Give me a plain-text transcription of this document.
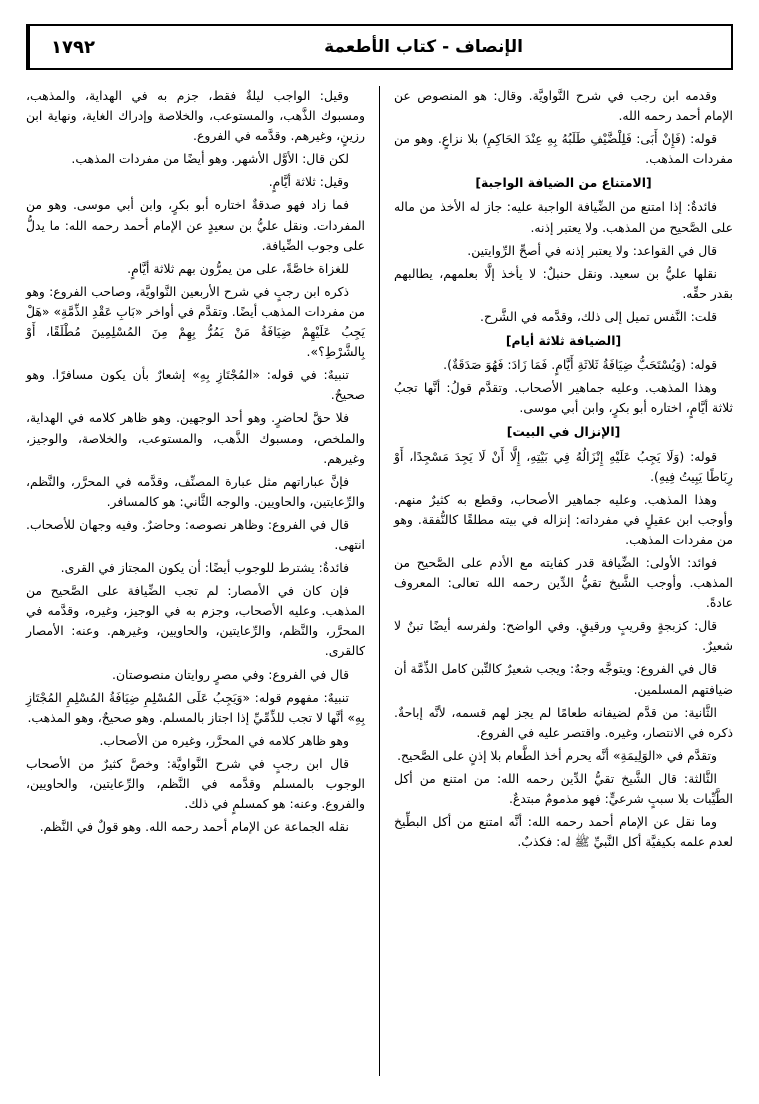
الإنصاف - كتاب الأطعمة
١٧٩٢

وقدمه ابن رجب في شرح النَّواويَّة. وقال: هو المنصوص عن الإمام أحمد رحمه الله.

قوله: (فَإِنْ أَبَى: فَلِلْضَّيْفِ طَلَبُهُ بِهِ عِنْدَ الحَاكِمِ) بلا نزاعٍ. وهو من مفردات المذهب.

[الامتناع من الضيافة الواجبة]

فائدةٌ: إذا امتنع من الضِّيافة الواجبة عليه: جاز له الأخذ من ماله على الصَّحيح من المذهب. ولا يعتبر إذنه.

قال في القواعد: ولا يعتبر إذنه في أصحِّ الرِّوايتين.

نقلها عليُّ بن سعيد. ونقل حنبلٌ: لا يأخذ إلَّا بعلمهم، يطالبهم بقدر حقِّه.

قلت: النَّفس تميل إلى ذلك، وقدَّمه في الشَّرح.

[الضيافة ثلاثة أيام]

قوله: (وَيُسْتَحَبُّ ضِيَافَةُ ثَلاثَةِ أَيَّامٍ. فَمَا زَادَ: فَهُوَ صَدَقَةٌ).

وهذا المذهب. وعليه جماهير الأصحاب. وتقدَّم قولُ: أنَّها تجبُ ثلاثة أيَّامٍ، اختاره أبو بكرٍ، وابن أبي موسى.

[الإنزال في البيت]

قوله: (وَلَا يَجِبُ عَلَيْهِ إِنْزَالُهُ فِي بَيْتِهِ، إِلَّا أَنْ لَا يَجِدَ مَسْجِدًا، أَوْ رِبَاطًا يَبِيتُ فِيهِ).

وهذا المذهب. وعليه جماهير الأصحاب، وقطع به كثيرٌ منهم. وأوجب ابن عقيلٍ في مفرداته: إنزاله في بيته مطلقًا كالنُّفقة. وهو من مفردات المذهب.

فوائد: الأولى: الضِّيافة قدر كفايته مع الأدم على الصَّحيح من المذهب. وأوجب الشَّيخ تقيُّ الدِّين رحمه الله تعالى: المعروف عادةً.

قال: كزبجةٍ وقريبٍ ورقيقٍ. وفي الواضح: ولفرسه أيضًا تبنٌ لا شعيرٌ.

قال في الفروع: ويتوجَّه وجهٌ: ويجب شعيرٌ كالتِّبن كامل الذِّمَّة أن ضيافتهم المسلمين.

الثَّانية: من قدَّم لضيفانه طعامًا لم يجز لهم قسمه، لأنَّه إباحةٌ. ذكره في الانتصار، وغيره. واقتصر عليه في الفروع.

وتقدَّم في «الوَلِيمَةِ» أنَّه يحرم أخذ الطَّعام بلا إذنٍ على الصَّحيح.

الثَّالثة: قال الشَّيخ تقيُّ الدِّين رحمه الله: من امتنع من أكل الطَّيِّبات بلا سببٍ شرعيٍّ: فهو مذمومٌ مبتدعٌ.

وما نقل عن الإمام أحمد رحمه الله: أنَّه امتنع من أكل البطِّيخ لعدم علمه بكيفيَّة أكل النَّبيِّ ﷺ له: فكذبٌ.

وقيل: الواجب ليلةٌ فقط، جزم به في الهداية، والمذهب، ومسبوك الذَّهب، والمستوعب، والخلاصة وإدراك الغاية، ونهاية ابن رزينٍ، وغيرهم. وقدَّمه في الفروع.

لكن قال: الأوَّل الأشهر. وهو أيضًا من مفردات المذهب.

وقيل: ثلاثة أيَّامٍ.

فما زاد فهو صدقةٌ اختاره أبو بكرٍ، وابن أبي موسى. وهو من المفردات. ونقل عليُّ بن سعيدٍ عن الإمام أحمد رحمه الله: ما يدلُّ على وجوب الضِّيافة.

للغزاة خاصَّةً، على من يمرُّون بهم ثلاثة أيَّامٍ.

ذكره ابن رجبٍ في شرح الأربعين النَّواويَّة، وصاحب الفروع: وهو من مفردات المذهب أيضًا. وتقدَّم في أواخر «بَابِ عَقْدِ الذِّمَّةِ» «هَلْ يَجِبُ عَلَيْهِمْ ضِيَافَةُ مَنْ يَمُرُّ بِهِمْ مِنَ المُسْلِمِينَ مُطْلَقًا، أَوْ بِالشَّرْطِ؟».

تنبيهٌ: في قوله: «المُجْتَازِ بِهِ» إشعارٌ بأن يكون مسافرًا. وهو صحيحٌ.

فلا حقَّ لحاضرٍ. وهو أحد الوجهين. وهو ظاهر كلامه في الهداية، والملخص، ومسبوك الذَّهب، والمستوعب، والخلاصة، والوجيز، وغيرهم.

فإنَّ عباراتهم مثل عبارة المصنِّف، وقدَّمه في المحرَّر، والنَّظم، والرِّعايتين، والحاويين. والوجه الثَّاني: هو كالمسافر.

قال في الفروع: وظاهر نصوصه: وحاضرٌ. وفيه وجهان للأصحاب. انتهى.

فائدةٌ: يشترط للوجوب أيضًا: أن يكون المجتاز في القرى.

فإن كان في الأمصار: لم تجب الضِّيافة على الصَّحيح من المذهب. وعليه الأصحاب، وجزم به في الوجيز، وغيره، وقدَّمه في المحرَّر، والنَّظم، والرِّعايتين، والحاويين، وغيرهم. وعنه: الأمصار كالقرى.

قال في الفروع: وفي مصرٍ روايتان منصوصتان.

تنبيهٌ: مفهوم قوله: «وَيَجِبُ عَلَى المُسْلِمِ ضِيَافَةُ المُسْلِمِ المُجْتَازِ بِهِ» أنَّها لا تجب للذِّمِّيِّ إذا اجتاز بالمسلم. وهو صحيحٌ، وهو المذهب.

وهو ظاهر كلامه في المحرَّر، وغيره من الأصحاب.

قال ابن رجبٍ في شرح النَّواويَّة: وخصَّ كثيرٌ من الأصحاب الوجوب بالمسلم وقدَّمه في النَّظم، والرِّعايتين، والحاويين، والفروع. وعنه: هو كمسلمٍ في ذلك.

نقله الجماعة عن الإمام أحمد رحمه الله. وهو قولٌ في النَّظم.
